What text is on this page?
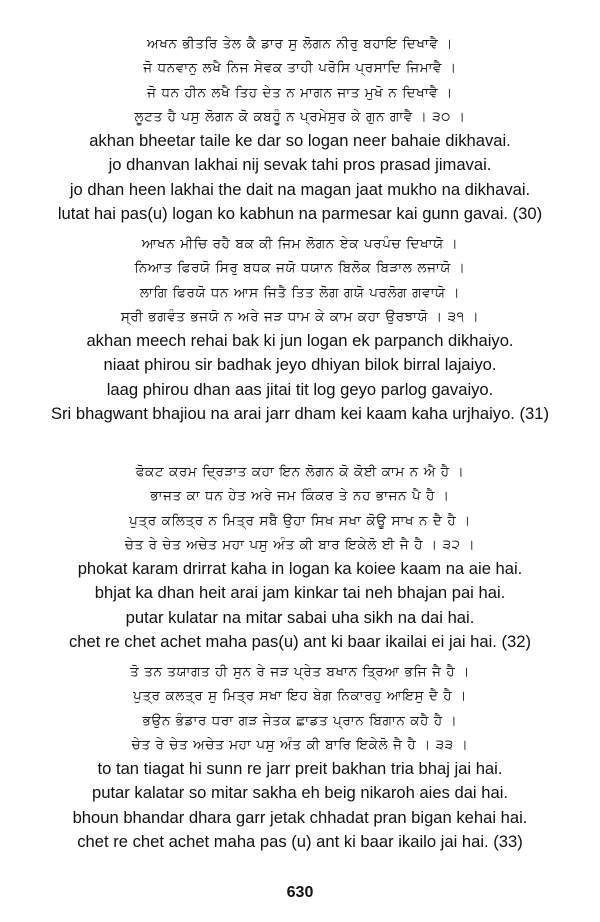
ਅਖਨ ਭੀਤਰਿ ਤੇਲ ਕੈ ਡਾਰ ਸੁ ਲੋਗਨ ਨੀਰੁ ਬਹਾਇ ਦਿਖਾਵੈ ।
ਜੋ ਧਨਵਾਨੁ ਲਖੈ ਨਿਜ ਸੇਵਕ ਤਾਹੀ ਪਰੋਸਿ ਪ੍ਰਸਾਦਿ ਜਿਮਾਵੈ ।
ਜੋ ਧਨ ਹੀਨ ਲਖੈ ਤਿਹ ਦੇਤ ਨ ਮਾਗਨ ਜਾਤ ਮੁਖੋ ਨ ਦਿਖਾਵੈ ।
ਲੂਟਤ ਹੈ ਪਸੁ ਲੋਗਨ ਕੋ ਕਬਹੂੰ ਨ ਪ੍ਰਮੇਸੁਰ ਕੇ ਗੁਨ ਗਾਵੈ । ੩੦ ।
akhan bheetar taile ke dar so logan neer bahaie dikhavai.
jo dhanvan lakhai nij sevak tahi pros prasad jimavai.
jo dhan heen lakhai the dait na magan jaat mukho na dikhavai.
lutat hai pas(u) logan ko kabhun na parmesar kai gunn gavai. (30)
ਆਖਨ ਮੀਚਿ ਰਹੈ ਬਕ ਕੀ ਜਿਮ ਲੋਗਨ ਏਕ ਪਰਪੰਚ ਦਿਖਾਯੋ ।
ਨਿਆਤ ਫਿਰਯੋ ਸਿਰੁ ਬਧਕ ਜਯੋ ਧਯਾਨ ਬਿਲੋਕ ਬਿੜਾਲ ਲਜਾਯੋ ।
ਲਾਗਿ ਫਿਰਯੋ ਧਨ ਆਸ ਜਿਤੈ ਤਿਤ ਲੋਗ ਗਯੋ ਪਰਲੋਗ ਗਵਾਯੋ ।
ਸ੍ਰੀ ਭਗਵੰਤ ਭਜਯੋ ਨ ਅਰੇ ਜੜ ਧਾਮ ਕੇ ਕਾਮ ਕਹਾ ਉਰਝਾਯੋ । ੩੧ ।
akhan meech rehai bak ki jun logan ek parpanch dikhaiyo.
niaat phirou sir badhak jeyo dhiyan bilok birral lajaiyo.
laag phirou dhan aas jitai tit log geyo parlog gavaiyo.
Sri bhagwant bhajiou na arai jarr dham kei kaam kaha urjhaiyo. (31)
ਫੋਕਟ ਕਰਮ ਦ੍ਰਿੜਾਤ ਕਹਾ ਇਨ ਲੋਗਨ ਕੋ ਕੋਈ ਕਾਮ ਨ ਐ ਹੈ ।
ਭਾਜਤ ਕਾ ਧਨ ਹੇਤ ਅਰੇ ਜਮ ਕਿੰਕਰ ਤੇ ਨਹ ਭਾਜਨ ਪੈ ਹੈ ।
ਪੁਤ੍ਰ ਕਲਿਤ੍ਰ ਨ ਮਿਤ੍ਰ ਸਬੈ ਉਹਾ ਸਿਖ ਸਖਾ ਕੋਊ ਸਾਖ ਨ ਦੈ ਹੈ ।
ਚੇਤ ਰੇ ਚੇਤ ਅਚੇਤ ਮਹਾ ਪਸੁ ਅੰਤ ਕੀ ਬਾਰ ਇਕੇਲੋ ਈ ਜੈ ਹੈ । ੩੨ ।
phokat karam drirrat kaha in logan ka koiee kaam na aie hai.
bhjat ka dhan heit arai jam kinkar tai neh bhajan pai hai.
putar kulatar na mitar sabai uha sikh na dai hai.
chet re chet achet maha pas(u) ant ki baar ikailai ei jai hai. (32)
ਤੋ ਤਨ ਤਯਾਗਤ ਹੀ ਸੁਨ ਰੇ ਜੜ ਪ੍ਰੇਤ ਬਖਾਨ ਤ੍ਰਿਆ ਭਜਿ ਜੈ ਹੈ ।
ਪੁਤ੍ਰ ਕਲਤ੍ਰ ਸੁ ਮਿਤ੍ਰ ਸਖਾ ਇਹ ਬੇਗ ਨਿਕਾਰਹੁ ਆਇਸੁ ਦੈ ਹੈ ।
ਭਉਨ ਭੰਡਾਰ ਧਰਾ ਗੜ ਜੇਤਕ ਛਾਡਤ ਪ੍ਰਾਨ ਬਿਗਾਨ ਕਹੈ ਹੈ ।
ਚੇਤ ਰੇ ਚੇਤ ਅਚੇਤ ਮਹਾ ਪਸੁ ਅੰਤ ਕੀ ਬਾਰਿ ਇਕੇਲੋ ਜੈ ਹੈ । ੩੩ ।
to tan tiagat hi sunn re jarr preit bakhan tria bhaj jai hai.
putar kalatar so mitar sakha eh beig nikaroh aies dai hai.
bhoun bhandar dhara garr jetak chhadat pran bigan kehai hai.
chet re chet achet maha pas (u) ant ki baar ikailo jai hai. (33)
630
